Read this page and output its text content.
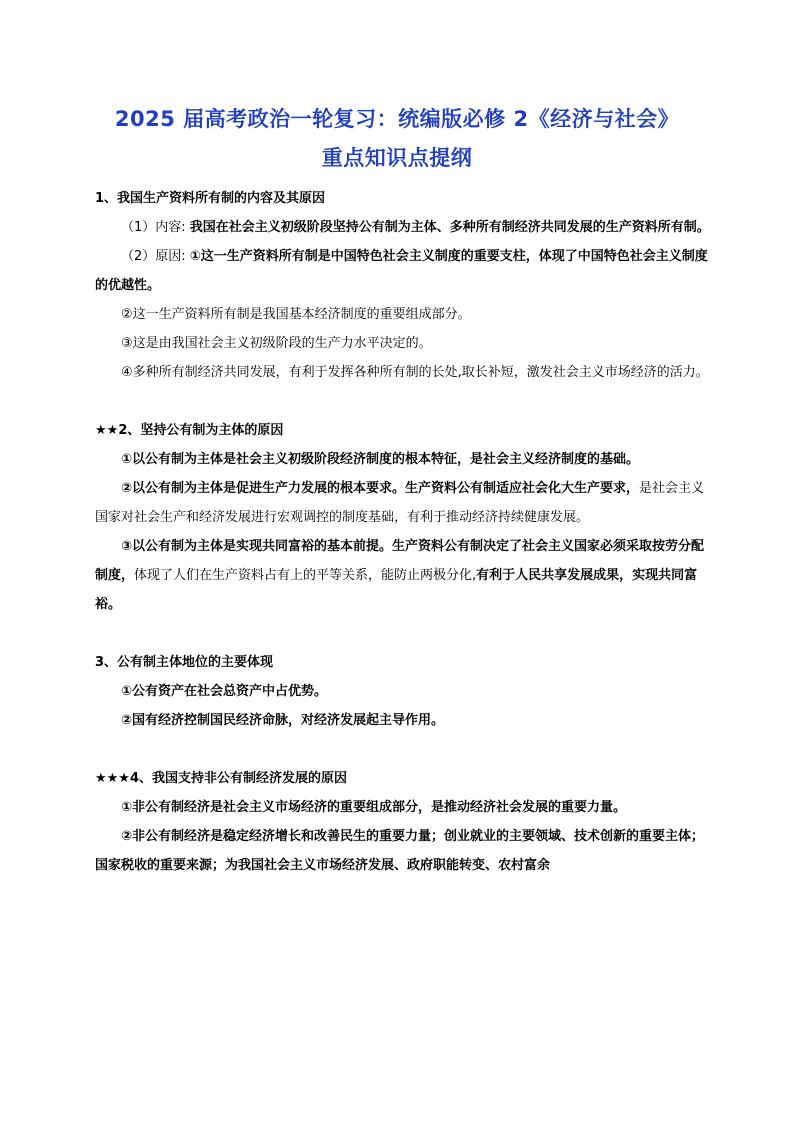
2025 届高考政治一轮复习：统编版必修 2《经济与社会》
重点知识点提纲
1、我国生产资料所有制的内容及其原因

（1）内容: 我国在社会主义初级阶段坚持公有制为主体、多种所有制经济共同发展的生产资料所有制。

（2）原因: ①这一生产资料所有制是中国特色社会主义制度的重要支柱，体现了中国特色社会主义制度的优越性。

②这一生产资料所有制是我国基本经济制度的重要组成部分。

③这是由我国社会主义初级阶段的生产力水平决定的。

④多种所有制经济共同发展，有利于发挥各种所有制的长处,取长补短，激发社会主义市场经济的活力。

★★2、坚持公有制为主体的原因

①以公有制为主体是社会主义初级阶段经济制度的根本特征，是社会主义经济制度的基础。

②以公有制为主体是促进生产力发展的根本要求。生产资料公有制适应社会化大生产要求，是社会主义国家对社会生产和经济发展进行宏观调控的制度基础，有利于推动经济持续健康发展。

③以公有制为主体是实现共同富裕的基本前提。生产资料公有制决定了社会主义国家必须采取按劳分配制度，体现了人们在生产资料占有上的平等关系，能防止两极分化,有利于人民共享发展成果，实现共同富裕。

3、公有制主体地位的主要体现

①公有资产在社会总资产中占优势。

②国有经济控制国民经济命脉，对经济发展起主导作用。

★★★4、我国支持非公有制经济发展的原因

①非公有制经济是社会主义市场经济的重要组成部分，是推动经济社会发展的重要力量。

②非公有制经济是稳定经济增长和改善民生的重要力量；创业就业的主要领域、技术创新的重要主体；国家税收的重要来源；为我国社会主义市场经济发展、政府职能转变、农村富余
